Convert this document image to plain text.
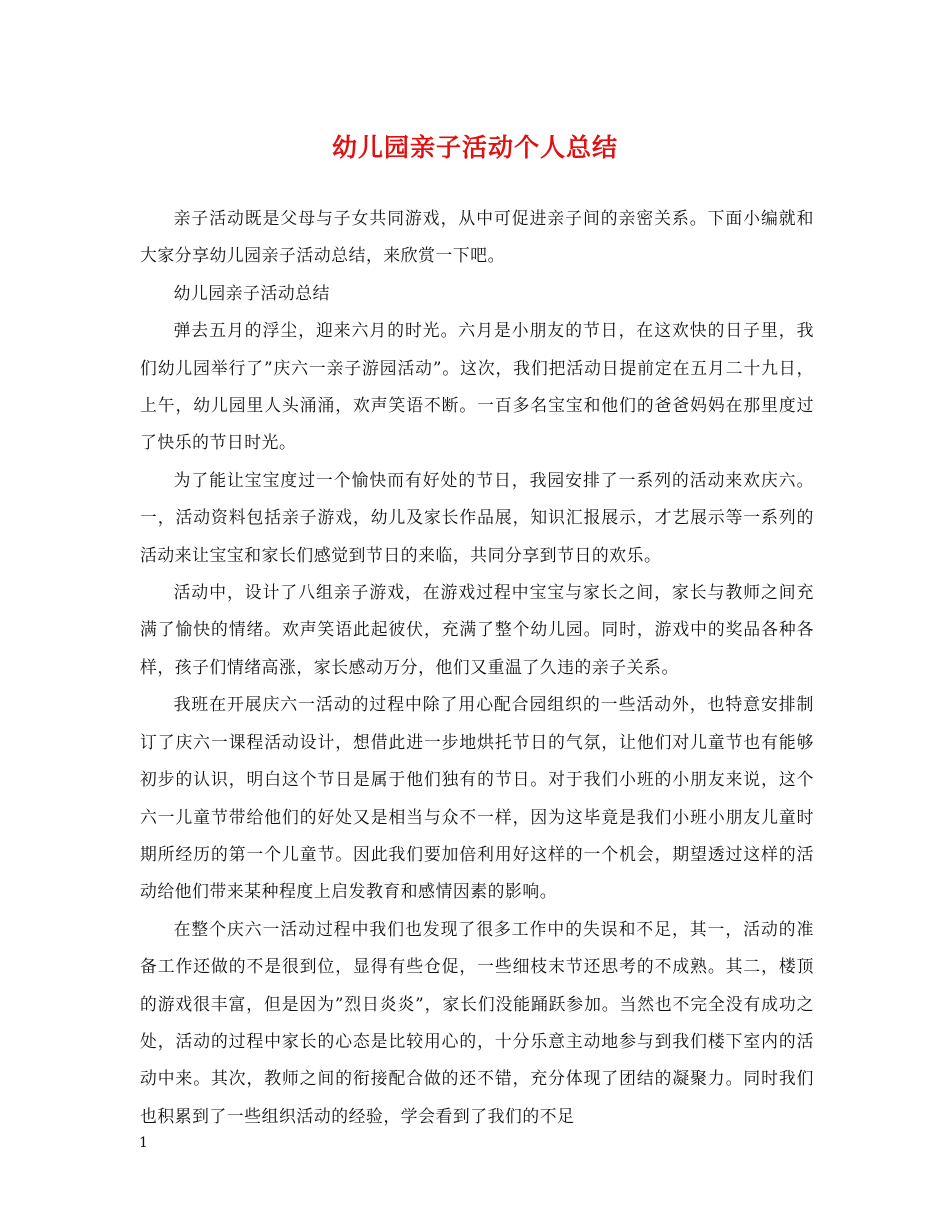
幼儿园亲子活动个人总结

亲子活动既是父母与子女共同游戏，从中可促进亲子间的亲密关系。下面小编就和大家分享幼儿园亲子活动总结，来欣赏一下吧。

幼儿园亲子活动总结

弹去五月的浮尘，迎来六月的时光。六月是小朋友的节日，在这欢快的日子里，我们幼儿园举行了”庆六一亲子游园活动”。这次，我们把活动日提前定在五月二十九日，上午，幼儿园里人头涌涌，欢声笑语不断。一百多名宝宝和他们的爸爸妈妈在那里度过了快乐的节日时光。

为了能让宝宝度过一个愉快而有好处的节日，我园安排了一系列的活动来欢庆六。一，活动资料包括亲子游戏，幼儿及家长作品展，知识汇报展示，才艺展示等一系列的活动来让宝宝和家长们感觉到节日的来临，共同分享到节日的欢乐。

活动中，设计了八组亲子游戏，在游戏过程中宝宝与家长之间，家长与教师之间充满了愉快的情绪。欢声笑语此起彼伏，充满了整个幼儿园。同时，游戏中的奖品各种各样，孩子们情绪高涨，家长感动万分，他们又重温了久违的亲子关系。

我班在开展庆六一活动的过程中除了用心配合园组织的一些活动外，也特意安排制订了庆六一课程活动设计，想借此进一步地烘托节日的气氛，让他们对儿童节也有能够初步的认识，明白这个节日是属于他们独有的节日。对于我们小班的小朋友来说，这个六一儿童节带给他们的好处又是相当与众不一样，因为这毕竟是我们小班小朋友儿童时期所经历的第一个儿童节。因此我们要加倍利用好这样的一个机会，期望透过这样的活动给他们带来某种程度上启发教育和感情因素的影响。

在整个庆六一活动过程中我们也发现了很多工作中的失误和不足，其一，活动的准备工作还做的不是很到位，显得有些仓促，一些细枝末节还思考的不成熟。其二，楼顶的游戏很丰富，但是因为”烈日炎炎”，家长们没能踊跃参加。当然也不完全没有成功之处，活动的过程中家长的心态是比较用心的，十分乐意主动地参与到我们楼下室内的活动中来。其次，教师之间的衔接配合做的还不错，充分体现了团结的凝聚力。同时我们也积累到了一些组织活动的经验，学会看到了我们的不足

1
